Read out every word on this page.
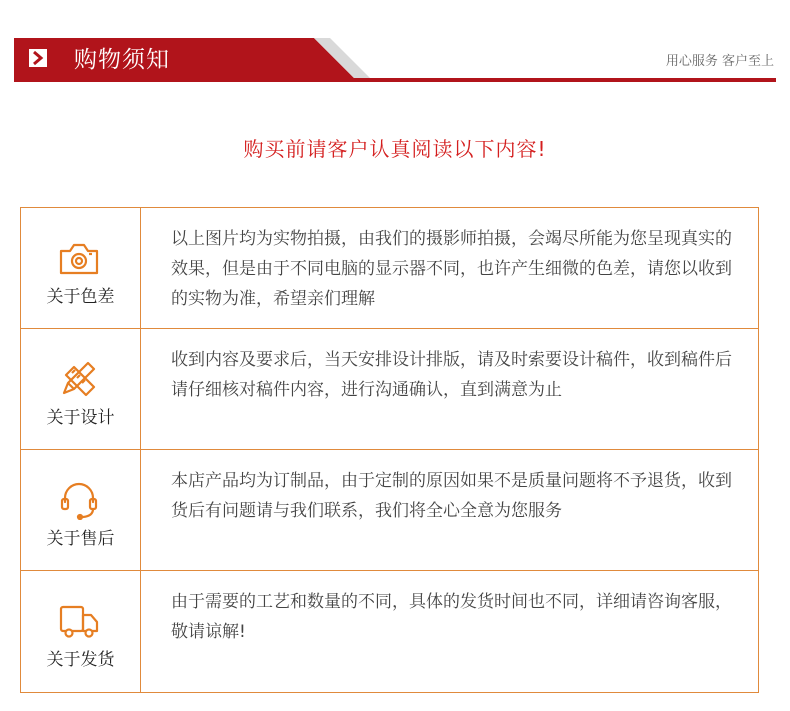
购物须知	用心服务 客户至上
购买前请客户认真阅读以下内容!
关于色差
以上图片均为实物拍摄，由我们的摄影师拍摄，会竭尽所能为您呈现真实的效果，但是由于不同电脑的显示器不同，也许产生细微的色差，请您以收到的实物为准，希望亲们理解
关于设计
收到内容及要求后，当天安排设计排版，请及时索要设计稿件，收到稿件后请仔细核对稿件内容，进行沟通确认，直到满意为止
关于售后
本店产品均为订制品，由于定制的原因如果不是质量问题将不予退货，收到货后有问题请与我们联系，我们将全心全意为您服务
关于发货
由于需要的工艺和数量的不同，具体的发货时间也不同，详细请咨询客服，敬请谅解!
